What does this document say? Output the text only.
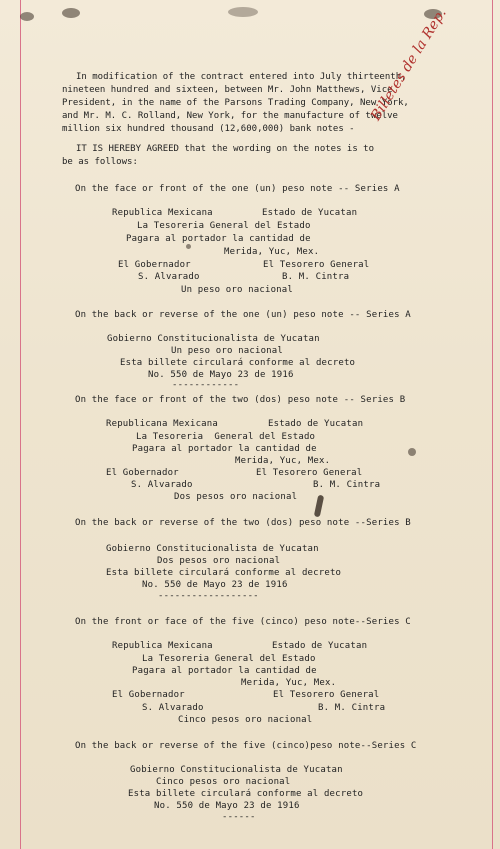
In modification of the contract entered into July thirteenth,
nineteen hundred and sixteen, between Mr. John Matthews, Vice
President, in the name of the Parsons Trading Company, New York,
and Mr. M. C. Rolland, New York, for the manufacture of twelve
million six hundred thousand (12,600,000) bank notes -
IT IS HEREBY AGREED that the wording on the notes is to
be as follows:
Billetes de la Rep.
On the face or front of the one (un) peso note -- Series A
Republica Mexicana	Estado de Yucatan
La Tesoreria General del Estado
Pagara al portador la cantidad de
Merida, Yuc, Mex.
El Gobernador	El Tesorero General
S. Alvarado	B. M. Cintra
Un peso oro nacional
On the back or reverse of the one (un) peso note -- Series A
Gobierno Constitucionalista de Yucatan
Un peso oro nacional
Esta billete circulará conforme al decreto
No. 550 de Mayo 23 de 1916
------------
On the face or front of the two (dos) peso note -- Series B
Republicana Mexicana	Estado de Yucatan
La Tesoreria  General del Estado
Pagara al portador la cantidad de
Merida, Yuc, Mex.
El Gobernador	El Tesorero General
S. Alvarado	B. M. Cintra
Dos pesos oro nacional
On the back or reverse of the two (dos) peso note --Series B
Gobierno Constitucionalista de Yucatan
Dos pesos oro nacional
Esta billete circulará conforme al decreto
No. 550 de Mayo 23 de 1916
------------------
On the front or face of the five (cinco) peso note--Series C
Republica Mexicana	Estado de Yucatan
La Tesoreria General del Estado
Pagara al portador la cantidad de
Merida, Yuc, Mex.
El Gobernador	El Tesorero General
S. Alvarado	B. M. Cintra
Cinco pesos oro nacional
On the back or reverse of the five (cinco)peso note--Series C
Gobierno Constitucionalista de Yucatan
Cinco pesos oro nacional
Esta billete circulará conforme al decreto
No. 550 de Mayo 23 de 1916
------
